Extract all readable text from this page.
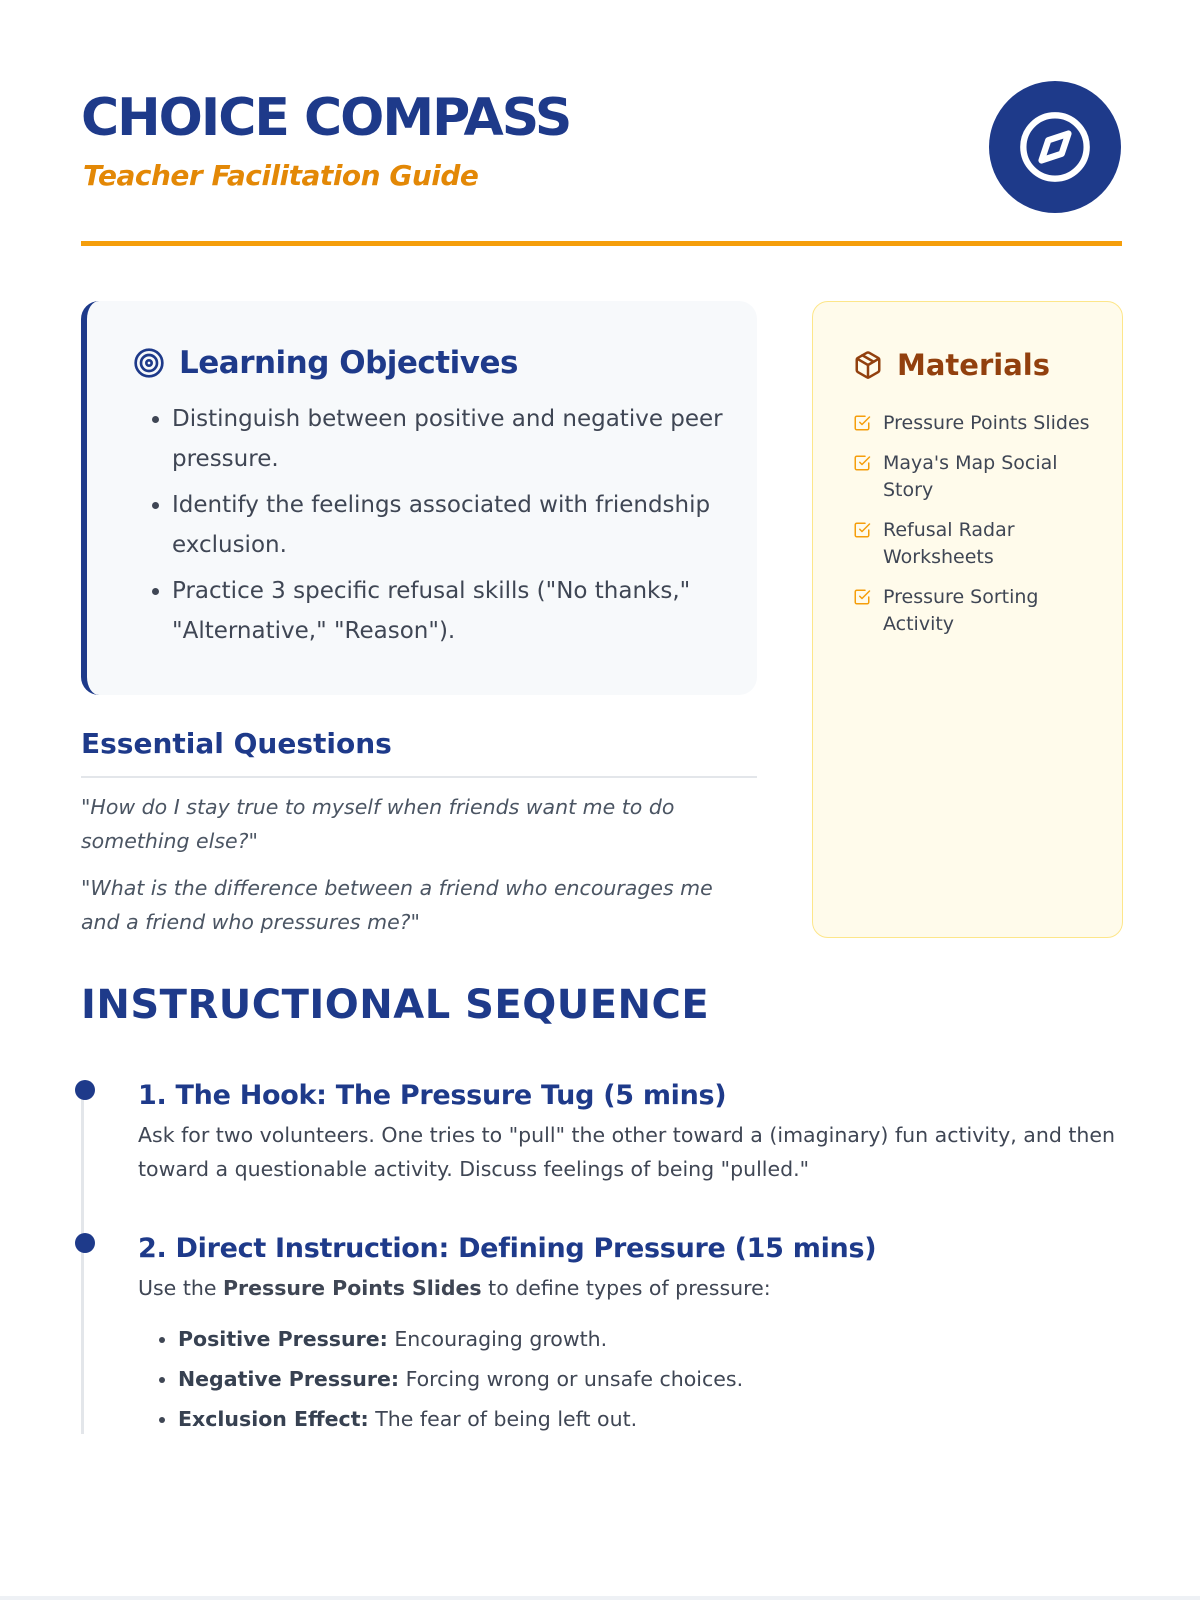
CHOICE COMPASS

Teacher Facilitation Guide

Learning Objectives
• Distinguish between positive and negative peer pressure.
• Identify the feelings associated with friendship exclusion.
• Practice 3 specific refusal skills ("No thanks," "Alternative," "Reason").
Essential Questions

"How do I stay true to myself when friends want me to do something else?"

"What is the difference between a friend who encourages me and a friend who pressures me?"

Materials
Pressure Points Slides
Maya's Map Social Story
Refusal Radar Worksheets
Pressure Sorting Activity
INSTRUCTIONAL SEQUENCE
1. The Hook: The Pressure Tug (5 mins)

Ask for two volunteers. One tries to "pull" the other toward a (imaginary) fun activity, and then toward a questionable activity. Discuss feelings of being "pulled."

2. Direct Instruction: Defining Pressure (15 mins)

Use the Pressure Points Slides to define types of pressure:

• Positive Pressure: Encouraging growth.
• Negative Pressure: Forcing wrong or unsafe choices.
• Exclusion Effect: The fear of being left out.
